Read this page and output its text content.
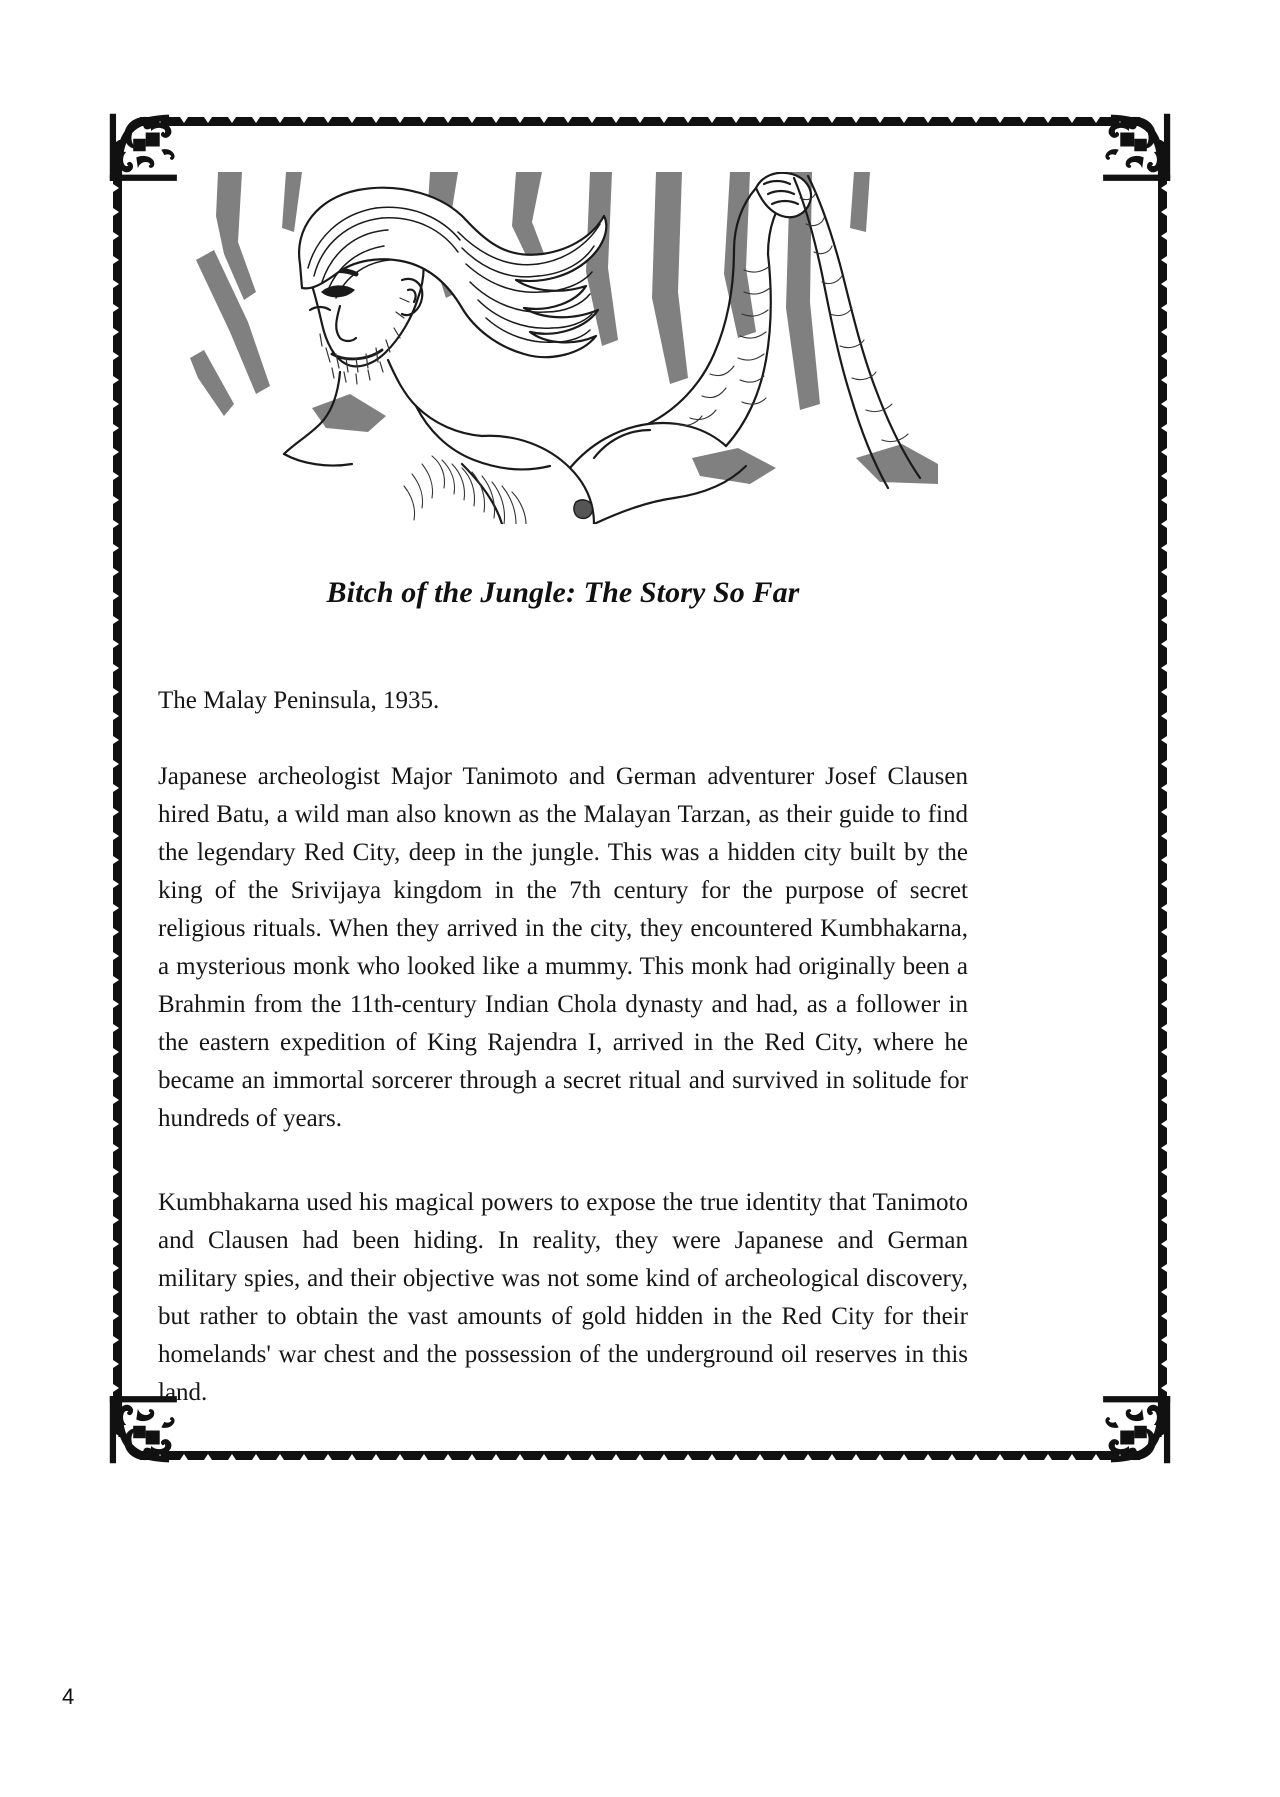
Bitch of the Jungle: The Story So Far
The Malay Peninsula, 1935.

Japanese archeologist Major Tanimoto and German adventurer Josef Clausen hired Batu, a wild man also known as the Malayan Tarzan, as their guide to find the legendary Red City, deep in the jungle. This was a hidden city built by the king of the Srivijaya kingdom in the 7th century for the purpose of secret religious rituals. When they arrived in the city, they encountered Kumbhakarna, a mysterious monk who looked like a mummy. This monk had originally been a Brahmin from the 11th-century Indian Chola dynasty and had, as a follower in the eastern expedition of King Rajendra I, arrived in the Red City, where he became an immortal sorcerer through a secret ritual and survived in solitude for hundreds of years.

Kumbhakarna used his magical powers to expose the true identity that Tanimoto and Clausen had been hiding. In reality, they were Japanese and German military spies, and their objective was not some kind of archeological discovery, but rather to obtain the vast amounts of gold hidden in the Red City for their homelands' war chest and the possession of the underground oil reserves in this land.

4
